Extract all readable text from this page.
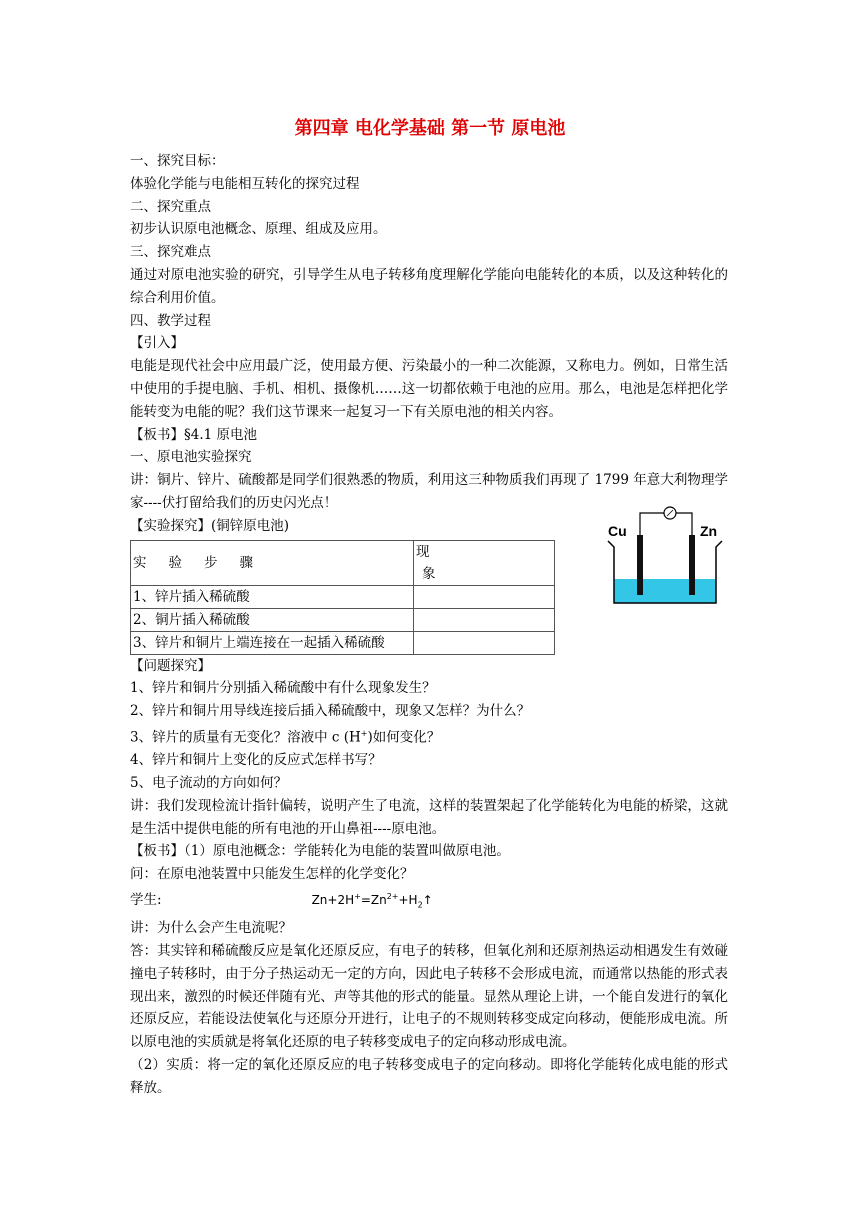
第四章 电化学基础 第一节 原电池
一、探究目标：
体验化学能与电能相互转化的探究过程
二、探究重点
初步认识原电池概念、原理、组成及应用。
三、探究难点
通过对原电池实验的研究，引导学生从电子转移角度理解化学能向电能转化的本质，以及这种转化的综合利用价值。
四、教学过程
【引入】
电能是现代社会中应用最广泛，使用最方便、污染最小的一种二次能源，又称电力。例如，日常生活中使用的手提电脑、手机、相机、摄像机……这一切都依赖于电池的应用。那么，电池是怎样把化学能转变为电能的呢？我们这节课来一起复习一下有关原电池的相关内容。
【板书】§4.1 原电池
一、原电池实验探究
讲：铜片、锌片、硫酸都是同学们很熟悉的物质，利用这三种物质我们再现了 1799 年意大利物理学家----伏打留给我们的历史闪光点！
【实验探究】(铜锌原电池)
实验步骤	现
象

1、锌片插入稀硫酸	
2、铜片插入稀硫酸	
3、锌片和铜片上端连接在一起插入稀硫酸	
Cu	Zn
【问题探究】
1、锌片和铜片分别插入稀硫酸中有什么现象发生？
2、锌片和铜片用导线连接后插入稀硫酸中，现象又怎样？为什么？
3、锌片的质量有无变化？溶液中 c (H+)如何变化？
4、锌片和铜片上变化的反应式怎样书写？
5、电子流动的方向如何？
讲：我们发现检流计指针偏转，说明产生了电流，这样的装置架起了化学能转化为电能的桥梁，这就是生活中提供电能的所有电池的开山鼻祖----原电池。
【板书】（1）原电池概念：学能转化为电能的装置叫做原电池。
问：在原电池装置中只能发生怎样的化学变化？
学生:	$Zn+2H^+=Zn^{2+}+H_2↑$
讲：为什么会产生电流呢？
答：其实锌和稀硫酸反应是氧化还原反应，有电子的转移，但氧化剂和还原剂热运动相遇发生有效碰撞电子转移时，由于分子热运动无一定的方向，因此电子转移不会形成电流，而通常以热能的形式表现出来，激烈的时候还伴随有光、声等其他的形式的能量。显然从理论上讲，一个能自发进行的氧化还原反应，若能设法使氧化与还原分开进行，让电子的不规则转移变成定向移动，便能形成电流。所以原电池的实质就是将氧化还原的电子转移变成电子的定向移动形成电流。
（2）实质：将一定的氧化还原反应的电子转移变成电子的定向移动。即将化学能转化成电能的形式释放。
